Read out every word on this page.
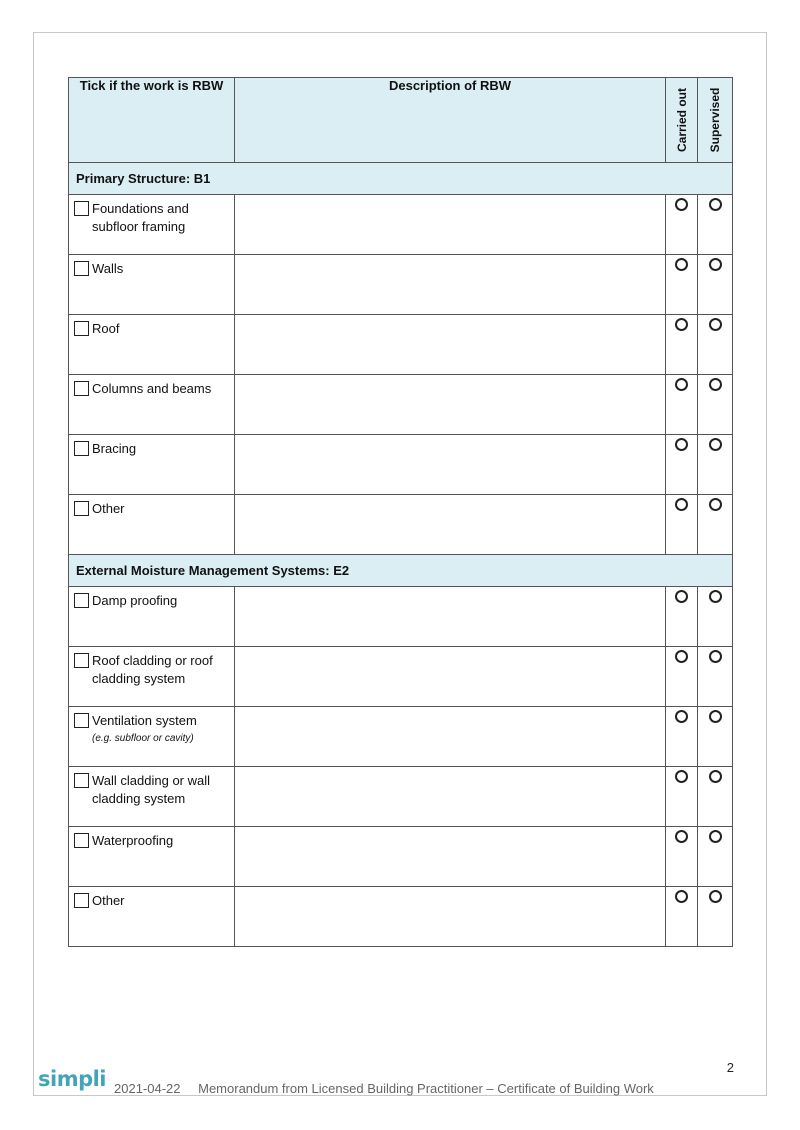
Tick if the work is RBW	Description of RBW	Carried out	Supervised

Primary Structure: B1			

Foundations and subfloor framing			

Walls			

Roof			

Columns and beams			

Bracing			

Other			

External Moisture Management Systems: E2			

Damp proofing			

Roof cladding or roof cladding system			

Ventilation system
(e.g. subfloor or cavity)			

Wall cladding or wall cladding system			

Waterproofing			

Other			

2
simpli 2021-04-22 Memorandum from Licensed Building Practitioner – Certificate of Building Work
